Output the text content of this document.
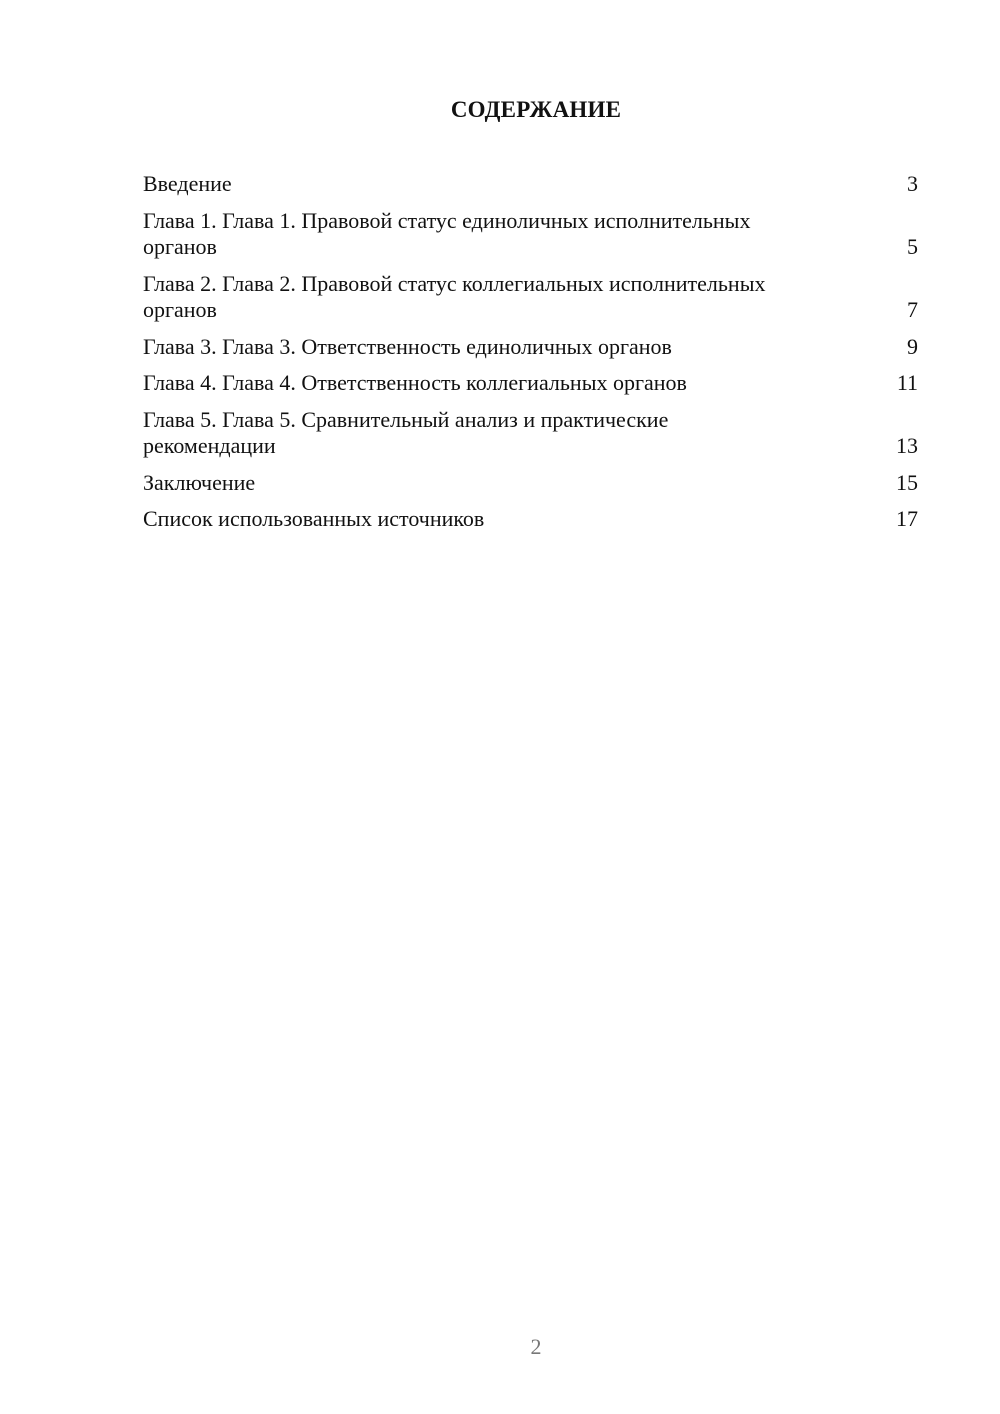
СОДЕРЖАНИЕ
Введение	3
Глава 1. Глава 1. Правовой статус единоличных исполнительных органов	5
Глава 2. Глава 2. Правовой статус коллегиальных исполнительных органов	7
Глава 3. Глава 3. Ответственность единоличных органов	9
Глава 4. Глава 4. Ответственность коллегиальных органов	11
Глава 5. Глава 5. Сравнительный анализ и практические рекомендации	13
Заключение	15
Список использованных источников	17
2
